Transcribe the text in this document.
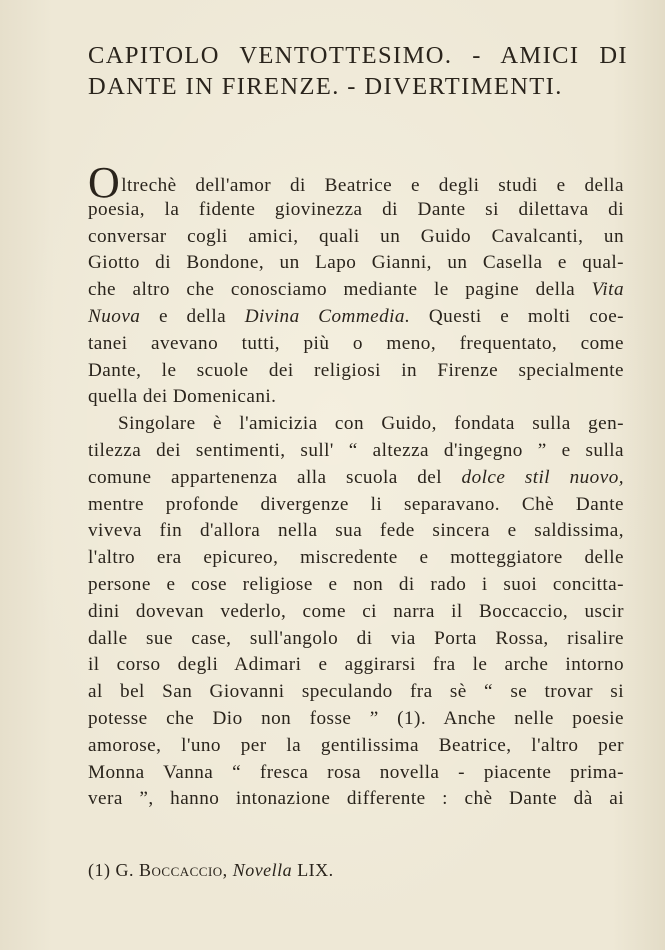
CAPITOLO VENTOTTESIMO. - AMICI DI
DANTE IN FIRENZE. - DIVERTIMENTI.
Oltrechè dell'amor di Beatrice e degli studi e della
poesia, la fidente giovinezza di Dante si dilettava di
conversar cogli amici, quali un Guido Cavalcanti, un
Giotto di Bondone, un Lapo Gianni, un Casella e qual-
che altro che conosciamo mediante le pagine della Vita
Nuova e della Divina Commedia. Questi e molti coe-
tanei avevano tutti, più o meno, frequentato, come
Dante, le scuole dei religiosi in Firenze specialmente
quella dei Domenicani.
Singolare è l'amicizia con Guido, fondata sulla gen-
tilezza dei sentimenti, sull' “ altezza d'ingegno ” e sulla
comune appartenenza alla scuola del dolce stil nuovo,
mentre profonde divergenze li separavano. Chè Dante
viveva fin d'allora nella sua fede sincera e saldissima,
l'altro era epicureo, miscredente e motteggiatore delle
persone e cose religiose e non di rado i suoi concitta-
dini dovevan vederlo, come ci narra il Boccaccio, uscir
dalle sue case, sull'angolo di via Porta Rossa, risalire
il corso degli Adimari e aggirarsi fra le arche intorno
al bel San Giovanni speculando fra sè “ se trovar si
potesse che Dio non fosse ” (1). Anche nelle poesie
amorose, l'uno per la gentilissima Beatrice, l'altro per
Monna Vanna “ fresca rosa novella - piacente prima-
vera ”, hanno intonazione differente : chè Dante dà ai
(1) G. Boccaccio, Novella LIX.
